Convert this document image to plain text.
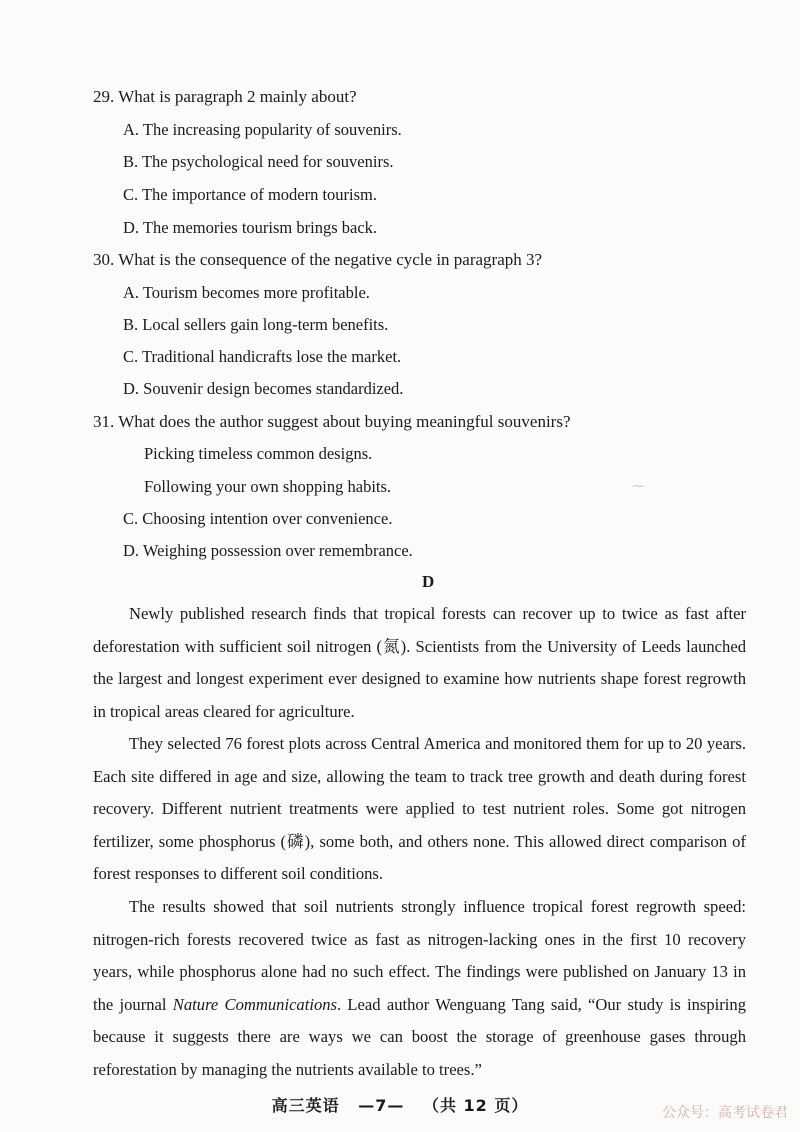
29. What is paragraph 2 mainly about?
A. The increasing popularity of souvenirs.
B. The psychological need for souvenirs.
C. The importance of modern tourism.
D. The memories tourism brings back.
30. What is the consequence of the negative cycle in paragraph 3?
A. Tourism becomes more profitable.
B. Local sellers gain long-term benefits.
C. Traditional handicrafts lose the market.
D. Souvenir design becomes standardized.
31. What does the author suggest about buying meaningful souvenirs?
Picking timeless common designs.
Following your own shopping habits.
C. Choosing intention over convenience.
D. Weighing possession over remembrance.
⁓
D

Newly published research finds that tropical forests can recover up to twice as fast after deforestation with sufficient soil nitrogen (氮). Scientists from the University of Leeds launched the largest and longest experiment ever designed to examine how nutrients shape forest regrowth in tropical areas cleared for agriculture.

They selected 76 forest plots across Central America and monitored them for up to 20 years. Each site differed in age and size, allowing the team to track tree growth and death during forest recovery. Different nutrient treatments were applied to test nutrient roles. Some got nitrogen fertilizer, some phosphorus (磷), some both, and others none. This allowed direct comparison of forest responses to different soil conditions.

The results showed that soil nutrients strongly influence tropical forest regrowth speed: nitrogen-rich forests recovered twice as fast as nitrogen-lacking ones in the first 10 recovery years, while phosphorus alone had no such effect. The findings were published on January 13 in the journal Nature Communications. Lead author Wenguang Tang said, “Our study is inspiring because it suggests there are ways we can boost the storage of greenhouse gases through reforestation by managing the nutrients available to trees.”

高三英语 —7— （共 12 页）	公众号：高考试卷君
